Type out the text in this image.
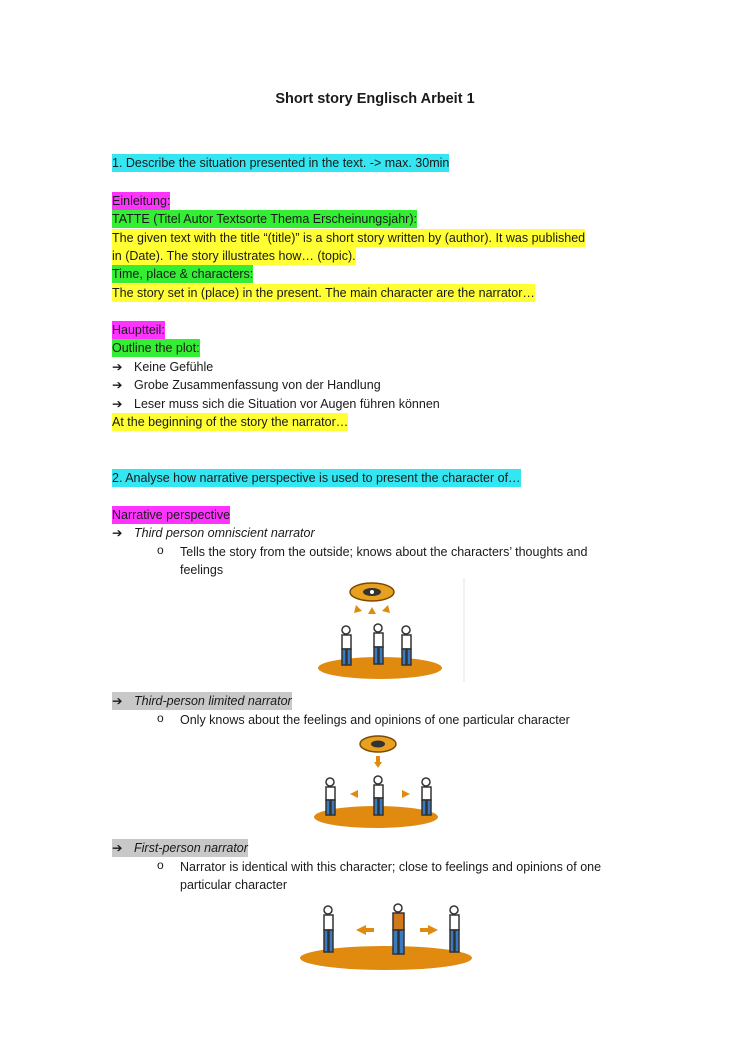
Short story Englisch Arbeit 1
1. Describe the situation presented in the text. -> max. 30min
Einleitung:
TATTE (Titel Autor Textsorte Thema Erscheinungsjahr):
The given text with the title “(title)” is a short story written by (author). It was published
in (Date). The story illustrates how… (topic).
Time, place & characters:
The story set in (place) in the present. The main character are the narrator…
Hauptteil:
Outline the plot:
➔ Keine Gefühle
➔ Grobe Zusammenfassung von der Handlung
➔ Leser muss sich die Situation vor Augen führen können
At the beginning of the story the narrator…
2. Analyse how narrative perspective is used to present the character of…
Narrative perspective
➔ Third person omniscient narrator
o Tells the story from the outside; knows about the characters’ thoughts and
feelings
➔ Third-person limited narrator
o Only knows about the feelings and opinions of one particular character
➔ First-person narrator
o Narrator is identical with this character; close to feelings and opinions of one
particular character
